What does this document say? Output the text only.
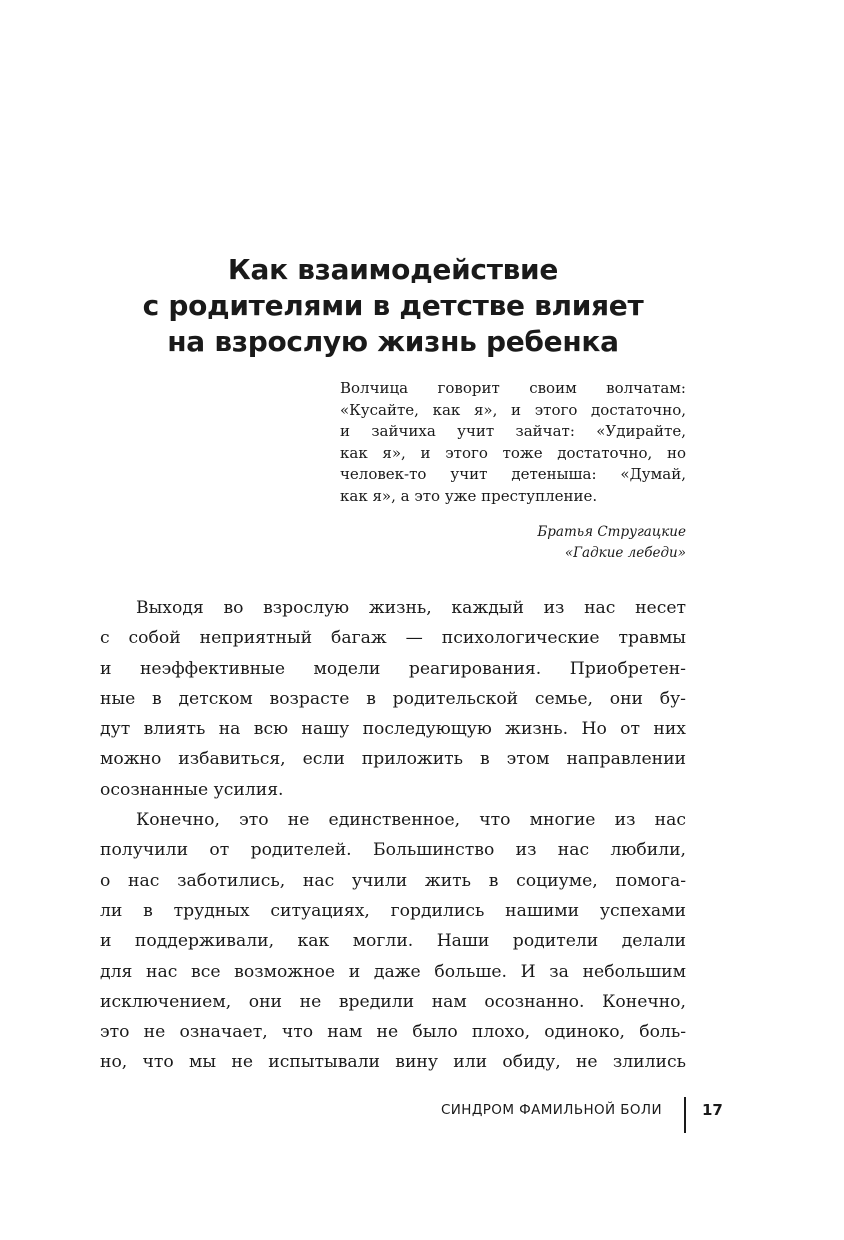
Как взаимодействие
с родителями в детстве влияет
на взрослую жизнь ребенка
Волчица говорит своим волчатам:
«Кусайте, как я», и этого достаточно,
и зайчиха учит зайчат: «Удирайте,
как я», и этого тоже достаточно, но
человек-то учит детеныша: «Думай,
как я», а это уже преступление.
Братья Стругацкие
«Гадкие лебеди»
Выходя во взрослую жизнь, каждый из нас несет
с собой неприятный багаж — психологические травмы
и неэффективные модели реагирования. Приобретен-
ные в детском возрасте в родительской семье, они бу-
дут влиять на всю нашу последующую жизнь. Но от них
можно избавиться, если приложить в этом направлении
осознанные усилия.
Конечно, это не единственное, что многие из нас
получили от родителей. Большинство из нас любили,
о нас заботились, нас учили жить в социуме, помога-
ли в трудных ситуациях, гордились нашими успехами
и поддерживали, как могли. Наши родители делали
для нас все возможное и даже больше. И за небольшим
исключением, они не вредили нам осознанно. Конечно,
это не означает, что нам не было плохо, одиноко, боль-
но, что мы не испытывали вину или обиду, не злились
СИНДРОМ ФАМИЛЬНОЙ БОЛИ	17
